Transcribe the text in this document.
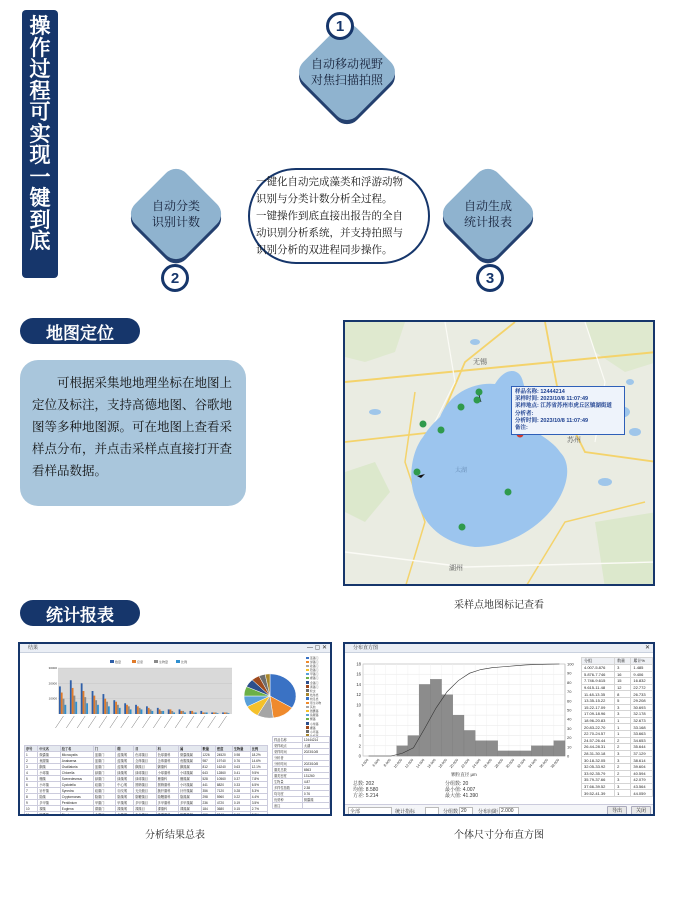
操
作
过
程
可
实
现
一
键
到
底
自动移动视野
对焦扫描拍照
1
自动分类
识别计数
2
自动生成
统计报表
3
一键化自动完成藻类和浮游动物
识别与分类计数分析全过程。
一键操作到底直接出报告的全自
动识别分析系统，并支持拍照与
识别分析的双进程同步操作。
地图定位
可根据采集地地理坐标在地图上定位及标注，支持高德地图、谷歌地图等多种地图源。可在地图上查看采样点分布，并点击采样点直接打开查看样品数据。
无锡
苏州
湖州
太湖
样品名称: 12444214
采样时间: 2023/10/8 11:07:49
采样地点: 江苏省苏州市虎丘区镇湖街道
分析者:
分析时间: 2023/10/8 11:07:49
备注:
采样点地图标记查看
统计报表
结果	— ▢ ✕
30000
20000
10000
数量	密度	生物量	比例
蓝藻门
绿藻门
硅藻门
隐藻门
甲藻门
裸藻门
金藻门
黄藻门
轮虫
枝角类
桡足类
原生动物
其他
微囊藻
鱼腥藻
颤藻
小球藻
栅藻
小环藻
针杆藻
序号	中文名	拉丁名	门	纲	目	科	属	数量	密度	生物量	比例
1	微囊藻	Microcystis	蓝藻门	蓝藻纲	色球藻目	色球藻科	微囊藻属	1226	24520	0.98	18.2%
2	鱼腥藻	Anabaena	蓝藻门	蓝藻纲	念珠藻目	念珠藻科	鱼腥藻属	987	19740	0.76	14.6%
3	颤藻	Oscillatoria	蓝藻门	蓝藻纲	颤藻目	颤藻科	颤藻属	812	16240	0.63	12.1%
4	小球藻	Chlorella	绿藻门	绿藻纲	绿球藻目	小球藻科	小球藻属	643	12860	0.41	9.5%
5	栅藻	Scenedesmus	绿藻门	绿藻纲	绿球藻目	栅藻科	栅藻属	528	10560	0.37	7.8%
6	小环藻	Cyclotella	硅藻门	中心纲	圆筛藻目	圆筛藻科	小环藻属	441	8820	0.33	6.5%
7	针杆藻	Synedra	硅藻门	羽纹纲	无壳缝目	脆杆藻科	针杆藻属	356	7120	0.28	5.3%
8	隐藻	Cryptomonas	隐藻门	隐藻纲	隐鞭藻目	隐鞭藻科	隐藻属	298	5960	0.22	4.4%
9	多甲藻	Peridinium	甲藻门	甲藻纲	多甲藻目	多甲藻科	多甲藻属	236	4720	0.19	3.5%
10	裸藻	Euglena	裸藻门	裸藻纲	裸藻目	裸藻科	裸藻属	184	3680	0.15	2.7%
11	锥囊藻	Dinobryon	金藻门	金藻纲	色金藻目	锥囊藻科	锥囊藻属	152	3040	0.12	2.2%

样品名称	12444214
采样地点	太湖
采样时间	2023/10/8
分析者	
分析时间	2023/10/8
藻类总数	6563
藻类密度	131260
生物量	4.87
多样性指数	2.38
均匀度	0.76
优势种	微囊藻
备注	
分析结果总表
分布直方图	✕
0
2
4
6
8
10
12
14
16
18
0
10
20
30
40
50
60
70
80
90
100
4.000 6.000 8.000 10.000 12.000 14.000 16.000 18.000 20.000 22.000 24.000 26.000 28.000 30.000 32.000 34.000 36.000 38.000
颗粒直径 μm
总数: 202
均值: 8.580
方差: 5.214
分组数: 20
最小值: 4.007
最大值: 41.390
分组	数量	累计%
4.007-5.876	3	1.485
5.876-7.746	16	9.406
7.746-9.615	15	16.832
9.615-11.48	12	22.772
11.48-13.35	8	26.733
13.35-15.22	5	29.208
15.22-17.09	3	30.693
17.09-18.96	3	32.178
18.96-20.83	1	32.673
20.83-22.70	1	33.168
22.70-24.57	1	33.663
24.57-26.44	2	34.653
26.44-28.31	2	35.644
28.31-30.18	3	37.129
30.18-32.05	3	38.614
32.05-33.92	2	39.604
33.92-35.79	2	40.594
35.79-37.66	3	42.079
37.66-39.52	3	43.564
39.52-41.39	1	44.059
全部	统计指标	分组数 20	分布间距 2.000	导出	关闭
个体尺寸分布直方图
